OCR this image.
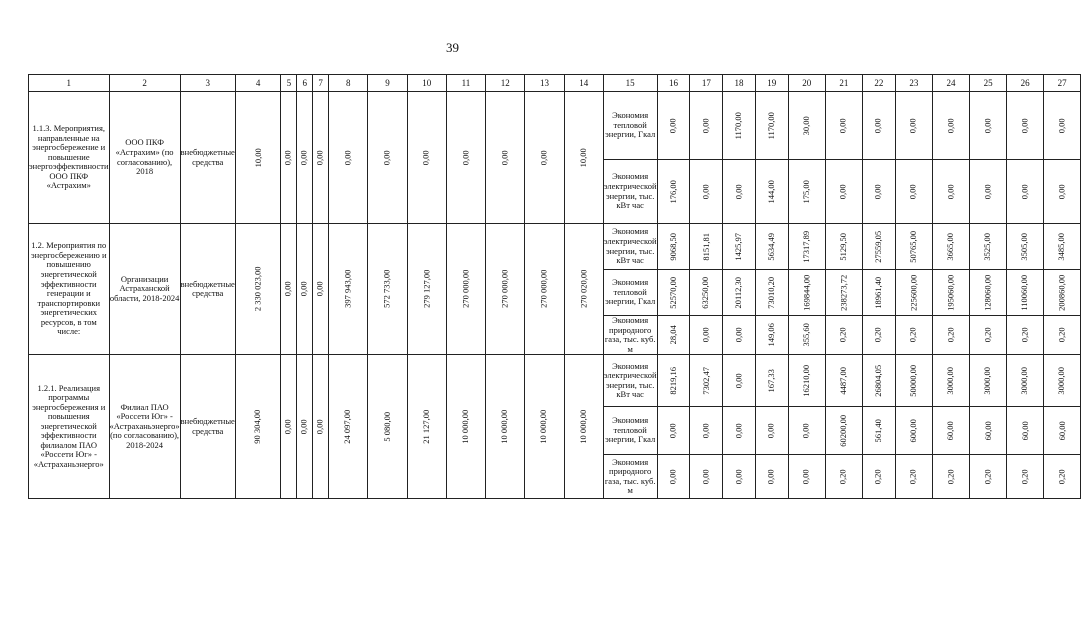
39
1	2	3	4	5	6	7	8	9	10	11	12	13	14	15	16	17	18	19	20	21	22	23	24	25	26	27
1.1.3. Мероприятия, направленные на энергосбережение и повышение энергоэффективности ООО ПКФ «Астрахим»	ООО ПКФ «Астрахим» (по согласованию), 2018	внебюджетные средства	10,00	0,00	0,00	0,00	0,00	0,00	0,00	0,00	0,00	0,00	10,00	Экономия тепловой энергии, Гкал	0,00	0,00	1170,00	1170,00	30,00	0,00	0,00	0,00	0,00	0,00	0,00	0,00
														Экономия электрической энергии, тыс. кВт час	176,00	0,00	0,00	144,00	175,00	0,00	0,00	0,00	0,00	0,00	0,00	0,00
1.2. Мероприятия по энергосбережению и повышению энергетической эффективности генерации и транспортировки энергетических ресурсов, в том числе:	Организации Астраханской области, 2018-2024	внебюджетные средства	2 330 023,00	0,00	0,00	0,00	397 943,00	572 733,00	279 127,00	270 000,00	270 000,00	270 000,00	270 020,00	Экономия электрической энергии, тыс. кВт час	9068,50	8151,81	1425,97	5634,49	17317,89	5129,50	27559,05	50765,00	3665,00	3525,00	3505,00	3485,00
														Экономия тепловой энергии, Гкал	52570,00	63250,00	20112,30	73010,20	169844,00	238273,72	18961,40	225600,00	195060,00	128060,00	110060,00	200860,00
														Экономия природного газа, тыс. куб. м	28,04	0,00	0,00	149,06	355,60	0,20	0,20	0,20	0,20	0,20	0,20	0,20
1.2.1. Реализация программы энергосбережения и повышения энергетической эффективности филиалом ПАО «Россети Юг» - «Астраханьэнерго»	Филиал ПАО «Россети Юг» - «Астраханьэнерго» (по согласованию), 2018-2024	внебюджетные средства	90 304,00	0,00	0,00	0,00	24 097,00	5 080,00	21 127,00	10 000,00	10 000,00	10 000,00	10 000,00	Экономия электрической энергии, тыс. кВт час	8219,16	7302,47	0,00	167,33	16210,00	4487,00	26804,05	50000,00	3000,00	3000,00	3000,00	3000,00
														Экономия тепловой энергии, Гкал	0,00	0,00	0,00	0,00	0,00	60200,00	561,40	600,00	60,00	60,00	60,00	60,00
														Экономия природного газа, тыс. куб. м	0,00	0,00	0,00	0,00	0,00	0,20	0,20	0,20	0,20	0,20	0,20	0,20
